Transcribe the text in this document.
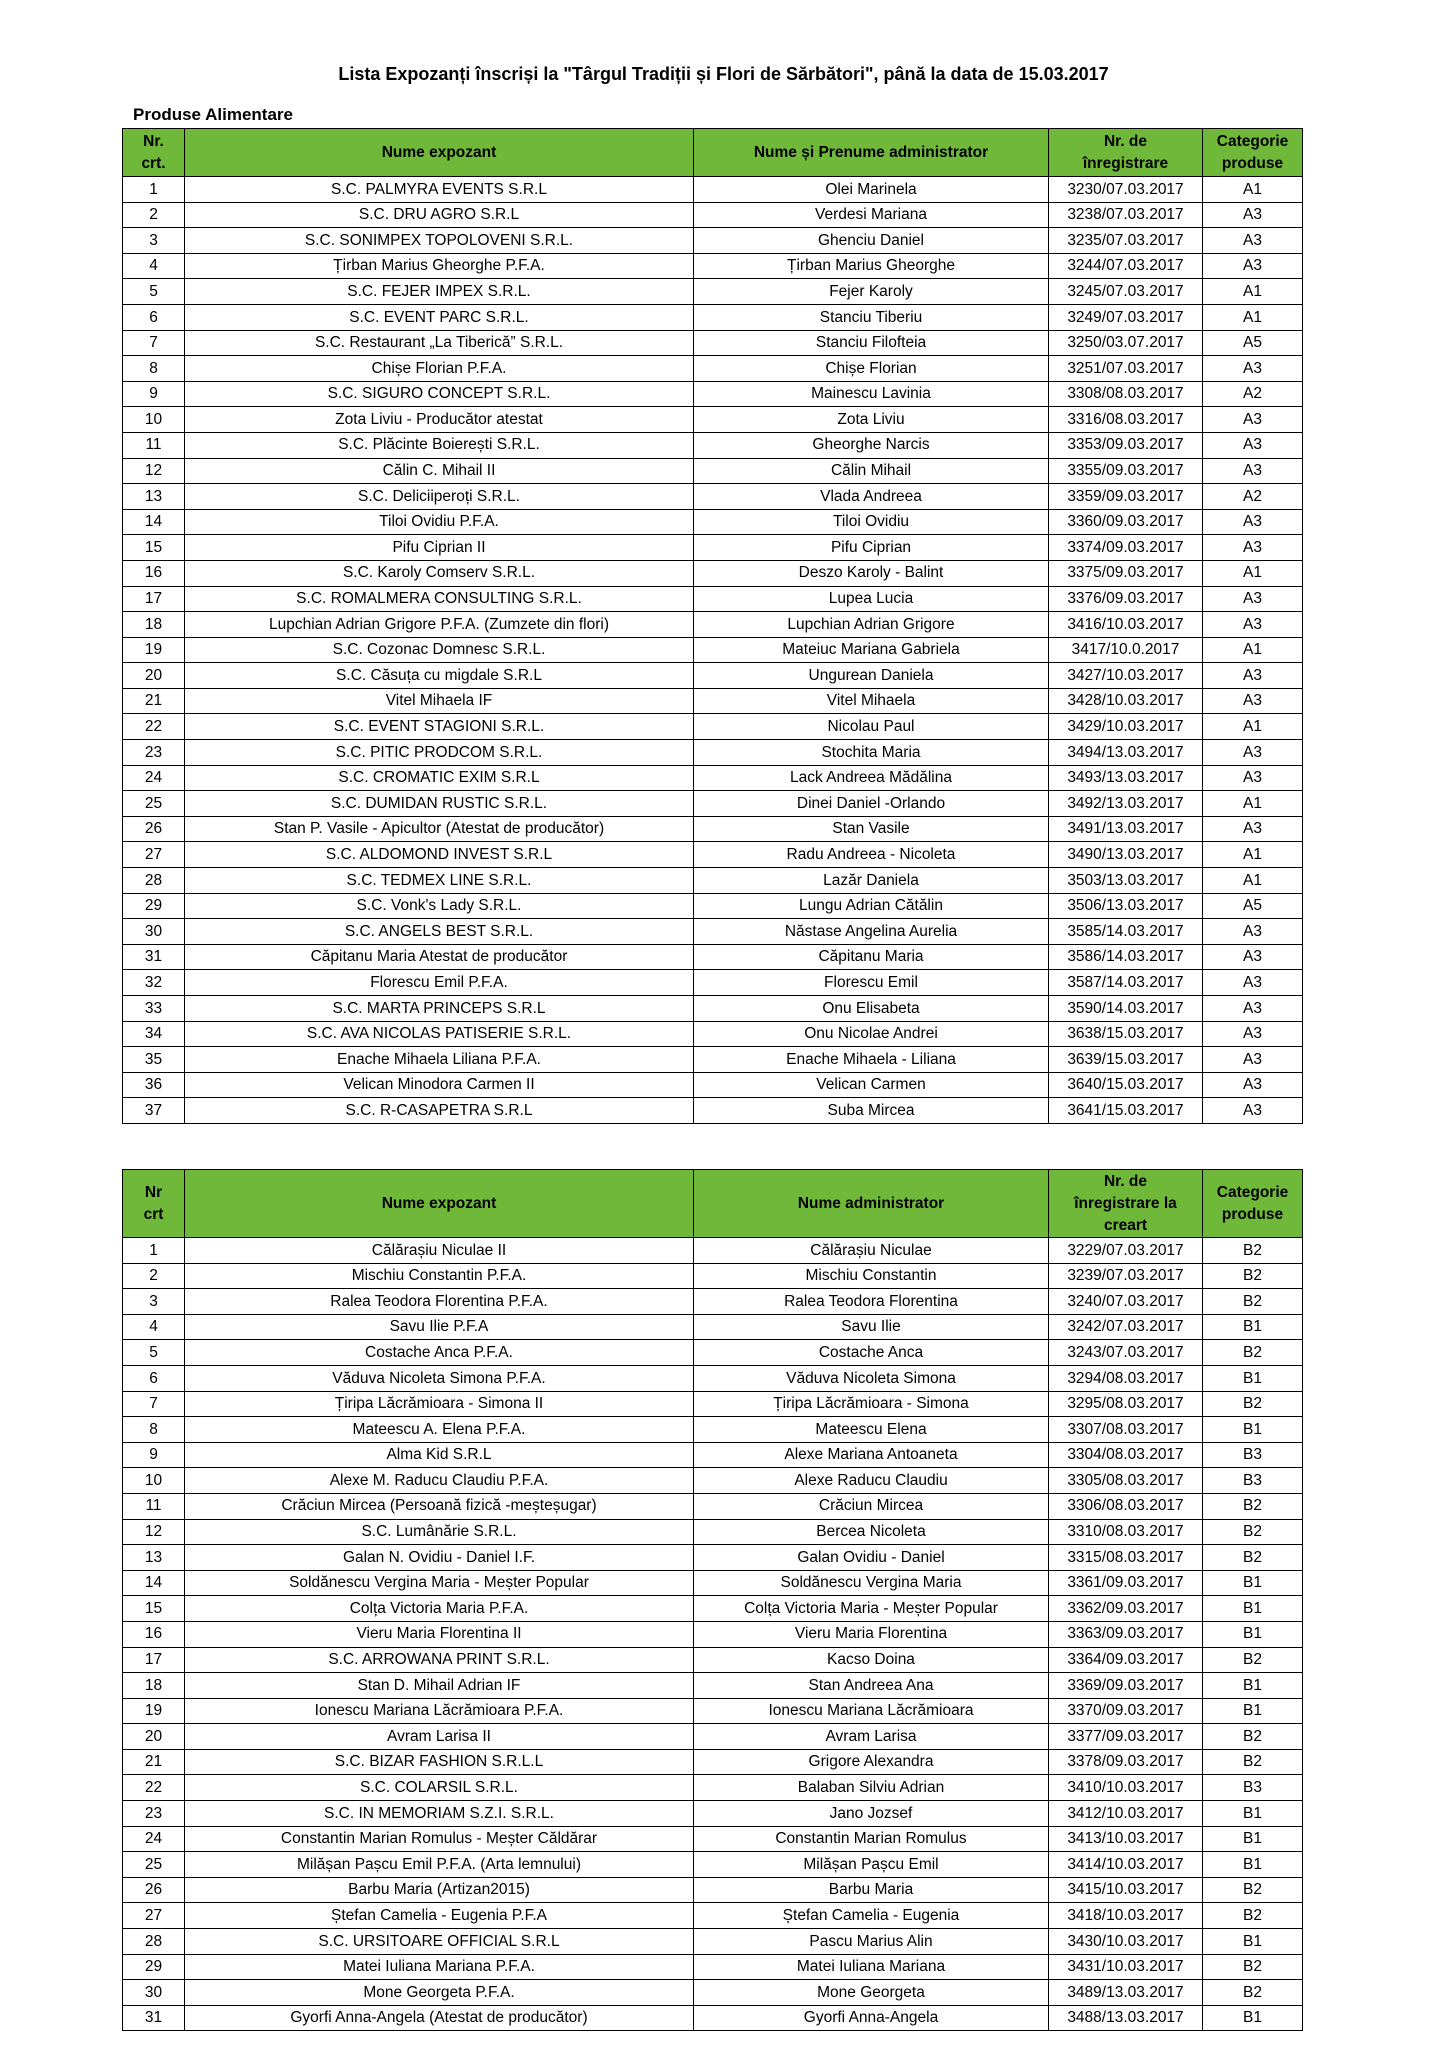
Lista Expozanți înscriși la "Târgul Tradiții și Flori de Sărbători", până la data de 15.03.2017
Produse Alimentare
Nr.
crt.	Nume expozant	Nume și Prenume administrator	Nr. de
înregistrare	Categorie
produse

1	S.C. PALMYRA EVENTS S.R.L	Olei Marinela	3230/07.03.2017	A1
2	S.C. DRU AGRO S.R.L	Verdesi Mariana	3238/07.03.2017	A3
3	S.C. SONIMPEX TOPOLOVENI S.R.L.	Ghenciu Daniel	3235/07.03.2017	A3
4	Țirban Marius Gheorghe P.F.A.	Țirban Marius Gheorghe	3244/07.03.2017	A3
5	S.C. FEJER IMPEX S.R.L.	Fejer Karoly	3245/07.03.2017	A1
6	S.C. EVENT PARC S.R.L.	Stanciu Tiberiu	3249/07.03.2017	A1
7	S.C. Restaurant „La Tiberică” S.R.L.	Stanciu Filofteia	3250/03.07.2017	A5
8	Chișe Florian P.F.A.	Chișe Florian	3251/07.03.2017	A3
9	S.C. SIGURO CONCEPT S.R.L.	Mainescu Lavinia	3308/08.03.2017	A2
10	Zota Liviu - Producător atestat	Zota Liviu	3316/08.03.2017	A3
11	S.C. Plăcinte Boierești S.R.L.	Gheorghe Narcis	3353/09.03.2017	A3
12	Călin C. Mihail II	Călin Mihail	3355/09.03.2017	A3
13	S.C. Deliciiperoți S.R.L.	Vlada Andreea	3359/09.03.2017	A2
14	Tiloi Ovidiu P.F.A.	Tiloi Ovidiu	3360/09.03.2017	A3
15	Pifu Ciprian II	Pifu Ciprian	3374/09.03.2017	A3
16	S.C. Karoly Comserv S.R.L.	Deszo Karoly - Balint	3375/09.03.2017	A1
17	S.C. ROMALMERA CONSULTING S.R.L.	Lupea Lucia	3376/09.03.2017	A3
18	Lupchian Adrian Grigore P.F.A. (Zumzete din flori)	Lupchian Adrian Grigore	3416/10.03.2017	A3
19	S.C. Cozonac Domnesc S.R.L.	Mateiuc Mariana Gabriela	3417/10.0.2017	A1
20	S.C. Căsuța cu migdale S.R.L	Ungurean Daniela	3427/10.03.2017	A3
21	Vitel Mihaela IF	Vitel Mihaela	3428/10.03.2017	A3
22	S.C. EVENT STAGIONI S.R.L.	Nicolau Paul	3429/10.03.2017	A1
23	S.C. PITIC PRODCOM S.R.L.	Stochita Maria	3494/13.03.2017	A3
24	S.C. CROMATIC EXIM S.R.L	Lack Andreea Mădălina	3493/13.03.2017	A3
25	S.C. DUMIDAN RUSTIC S.R.L.	Dinei Daniel -Orlando	3492/13.03.2017	A1
26	Stan P. Vasile - Apicultor (Atestat de producător)	Stan Vasile	3491/13.03.2017	A3
27	S.C. ALDOMOND INVEST S.R.L	Radu Andreea - Nicoleta	3490/13.03.2017	A1
28	S.C. TEDMEX LINE S.R.L.	Lazăr Daniela	3503/13.03.2017	A1
29	S.C. Vonk's Lady S.R.L.	Lungu Adrian Cătălin	3506/13.03.2017	A5
30	S.C. ANGELS BEST S.R.L.	Năstase Angelina Aurelia	3585/14.03.2017	A3
31	Căpitanu Maria Atestat de producător	Căpitanu Maria	3586/14.03.2017	A3
32	Florescu Emil P.F.A.	Florescu Emil	3587/14.03.2017	A3
33	S.C. MARTA PRINCEPS S.R.L	Onu Elisabeta	3590/14.03.2017	A3
34	S.C. AVA NICOLAS PATISERIE S.R.L.	Onu Nicolae Andrei	3638/15.03.2017	A3
35	Enache Mihaela Liliana P.F.A.	Enache Mihaela - Liliana	3639/15.03.2017	A3
36	Velican Minodora Carmen II	Velican Carmen	3640/15.03.2017	A3
37	S.C. R-CASAPETRA S.R.L	Suba Mircea	3641/15.03.2017	A3
Nr
crt	Nume expozant	Nume administrator	Nr. de
înregistrare la
creart	Categorie
produse

1	Călărașiu Niculae II	Călărașiu Niculae	3229/07.03.2017	B2
2	Mischiu Constantin P.F.A.	Mischiu Constantin	3239/07.03.2017	B2
3	Ralea Teodora Florentina P.F.A.	Ralea Teodora Florentina	3240/07.03.2017	B2
4	Savu Ilie P.F.A	Savu Ilie	3242/07.03.2017	B1
5	Costache Anca P.F.A.	Costache Anca	3243/07.03.2017	B2
6	Văduva Nicoleta Simona P.F.A.	Văduva Nicoleta Simona	3294/08.03.2017	B1
7	Țiripa Lăcrămioara - Simona II	Țiripa Lăcrămioara - Simona	3295/08.03.2017	B2
8	Mateescu A. Elena P.F.A.	Mateescu Elena	3307/08.03.2017	B1
9	Alma Kid S.R.L	Alexe Mariana Antoaneta	3304/08.03.2017	B3
10	Alexe M. Raducu Claudiu P.F.A.	Alexe Raducu Claudiu	3305/08.03.2017	B3
11	Crăciun Mircea (Persoană fizică -meșteșugar)	Crăciun Mircea	3306/08.03.2017	B2
12	S.C. Lumânărie S.R.L.	Bercea Nicoleta	3310/08.03.2017	B2
13	Galan N. Ovidiu - Daniel I.F.	Galan Ovidiu - Daniel	3315/08.03.2017	B2
14	Soldănescu Vergina Maria - Meșter Popular	Soldănescu Vergina Maria	3361/09.03.2017	B1
15	Colța Victoria Maria P.F.A.	Colța Victoria Maria - Meșter Popular	3362/09.03.2017	B1
16	Vieru Maria Florentina II	Vieru Maria Florentina	3363/09.03.2017	B1
17	S.C. ARROWANA PRINT S.R.L.	Kacso Doina	3364/09.03.2017	B2
18	Stan D. Mihail Adrian IF	Stan Andreea Ana	3369/09.03.2017	B1
19	Ionescu Mariana Lăcrămioara P.F.A.	Ionescu Mariana Lăcrămioara	3370/09.03.2017	B1
20	Avram Larisa II	Avram Larisa	3377/09.03.2017	B2
21	S.C. BIZAR FASHION S.R.L.L	Grigore Alexandra	3378/09.03.2017	B2
22	S.C. COLARSIL S.R.L.	Balaban Silviu Adrian	3410/10.03.2017	B3
23	S.C. IN MEMORIAM S.Z.I. S.R.L.	Jano Jozsef	3412/10.03.2017	B1
24	Constantin Marian Romulus - Meșter Căldărar	Constantin Marian Romulus	3413/10.03.2017	B1
25	Milășan Pașcu Emil P.F.A. (Arta lemnului)	Milășan Pașcu Emil	3414/10.03.2017	B1
26	Barbu Maria (Artizan2015)	Barbu Maria	3415/10.03.2017	B2
27	Ștefan Camelia - Eugenia P.F.A	Ștefan Camelia - Eugenia	3418/10.03.2017	B2
28	S.C. URSITOARE OFFICIAL S.R.L	Pascu Marius Alin	3430/10.03.2017	B1
29	Matei Iuliana Mariana P.F.A.	Matei Iuliana Mariana	3431/10.03.2017	B2
30	Mone Georgeta P.F.A.	Mone Georgeta	3489/13.03.2017	B2
31	Gyorfi Anna-Angela (Atestat de producător)	Gyorfi Anna-Angela	3488/13.03.2017	B1
